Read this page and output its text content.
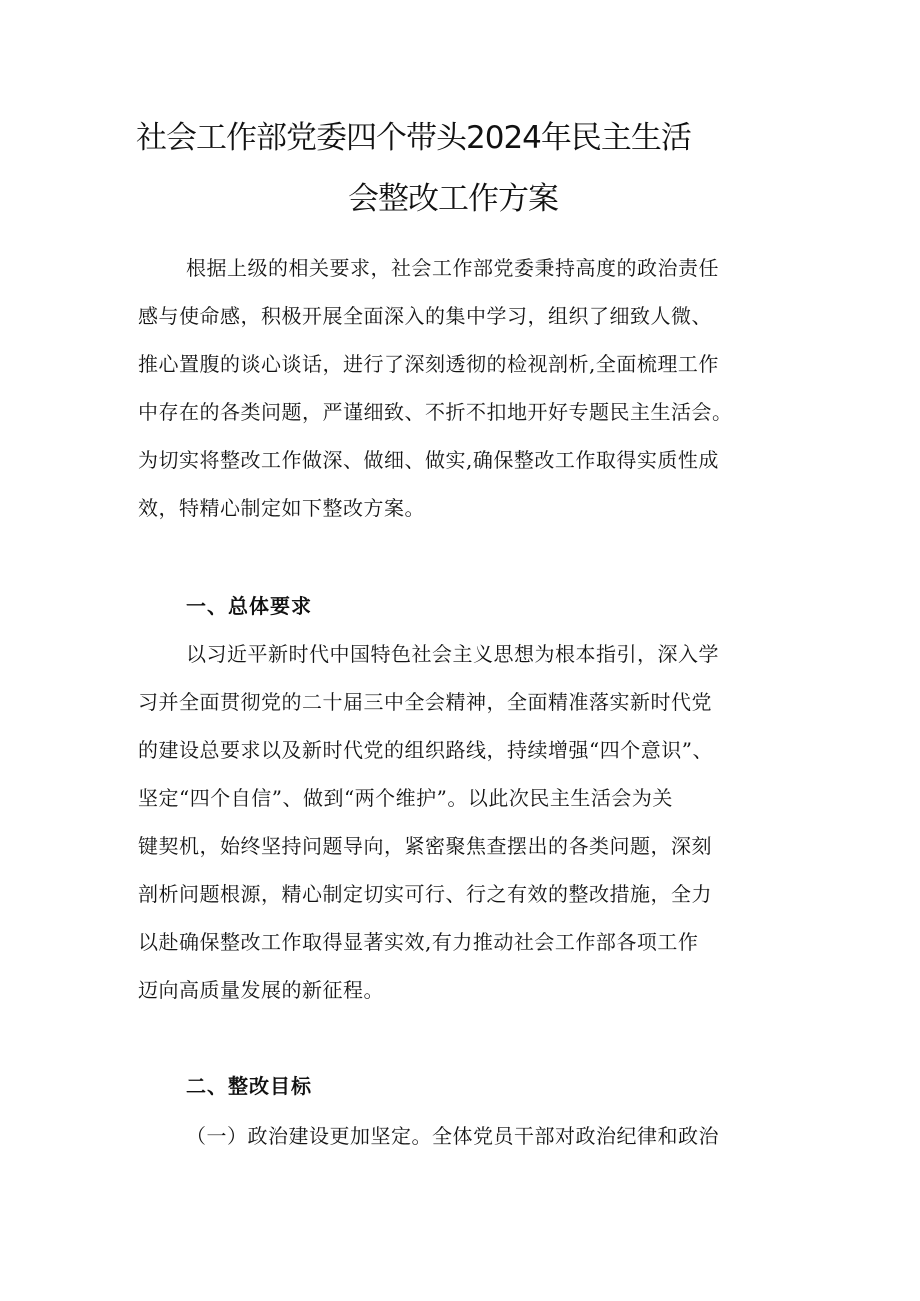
社会工作部党委四个带头2024年民主生活
会整改工作方案
根据上级的相关要求，社会工作部党委秉持高度的政治责任
感与使命感，积极开展全面深入的集中学习，组织了细致人微、
推心置腹的谈心谈话，进行了深刻透彻的检视剖析,全面梳理工作
中存在的各类问题，严谨细致、不折不扣地开好专题民主生活会。
为切实将整改工作做深、做细、做实,确保整改工作取得实质性成
效，特精心制定如下整改方案。
一、总体要求
以习近平新时代中国特色社会主义思想为根本指引，深入学
习并全面贯彻党的二十届三中全会精神，全面精准落实新时代党
的建设总要求以及新时代党的组织路线，持续增强“四个意识”、
坚定“四个自信”、做到“两个维护”。以此次民主生活会为关
键契机，始终坚持问题导向，紧密聚焦查摆出的各类问题，深刻
剖析问题根源，精心制定切实可行、行之有效的整改措施，全力
以赴确保整改工作取得显著实效,有力推动社会工作部各项工作
迈向高质量发展的新征程。
二、整改目标
（一）政治建设更加坚定。全体党员干部对政治纪律和政治
